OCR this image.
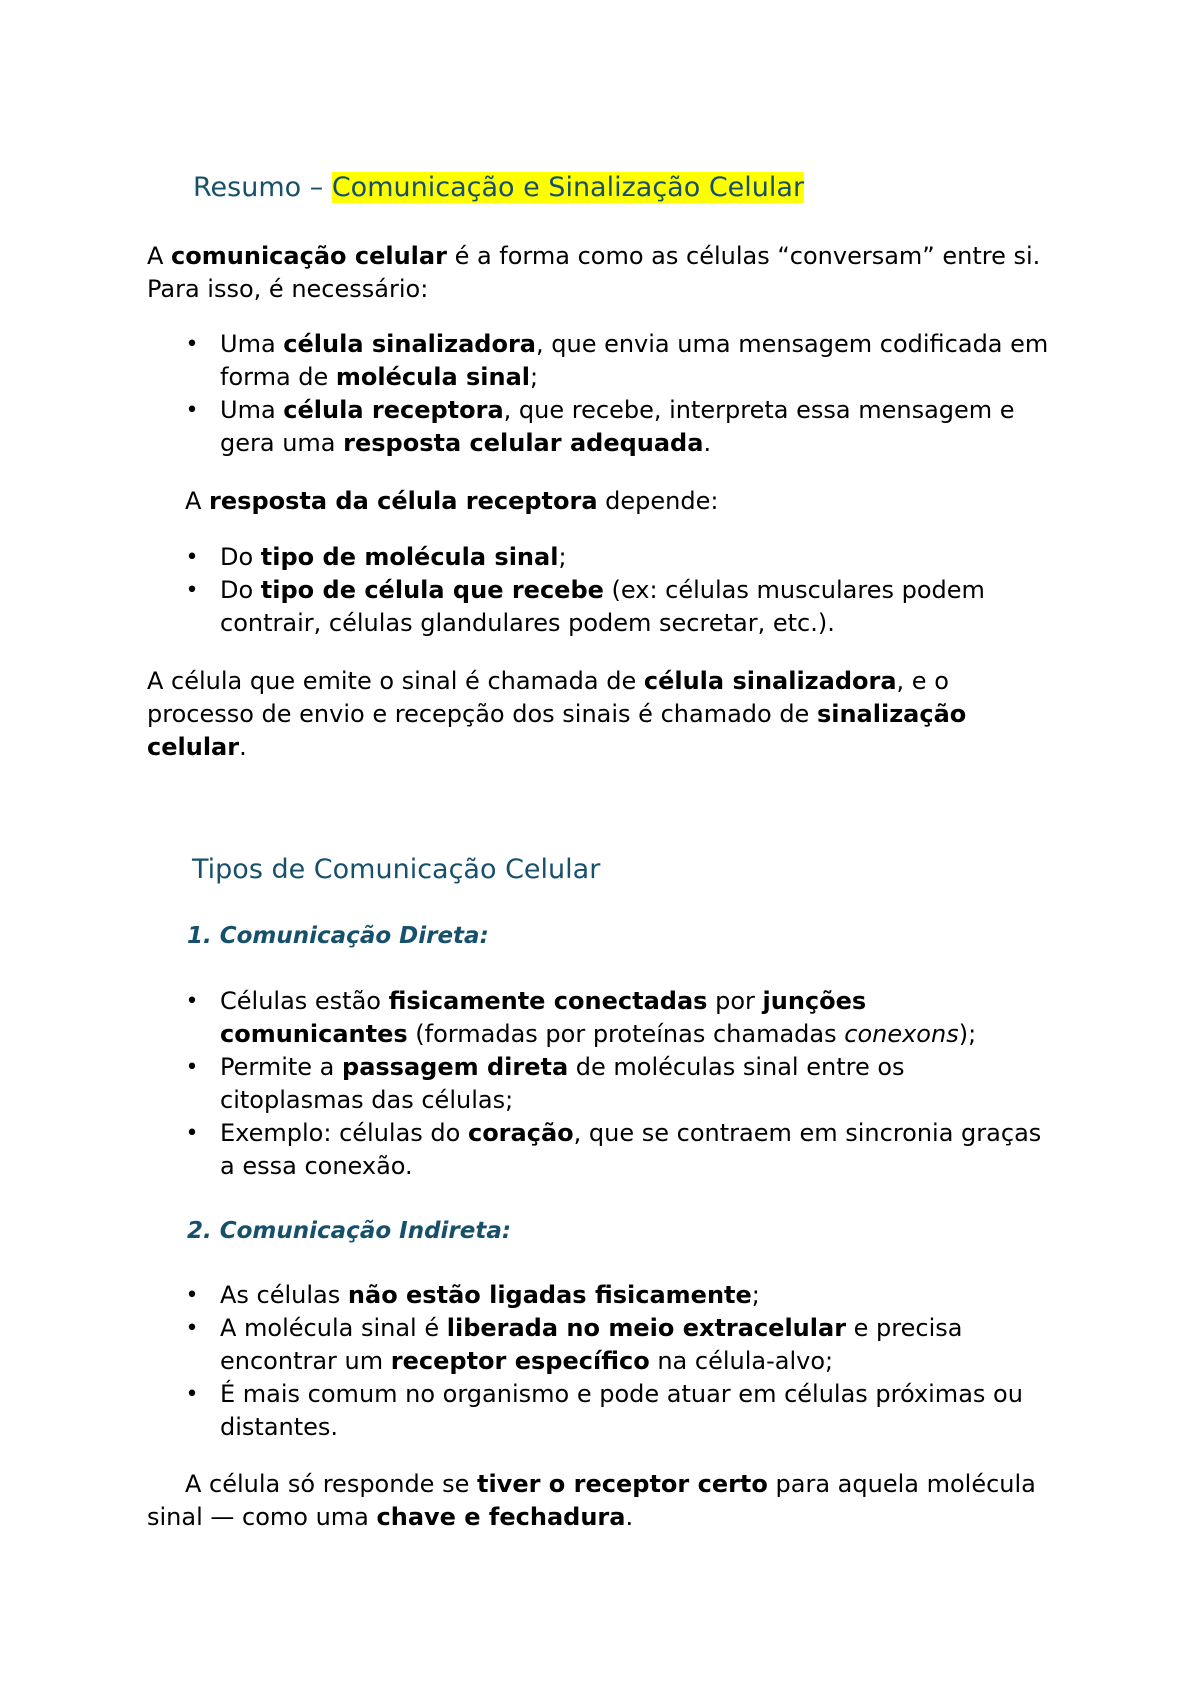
Resumo – Comunicação e Sinalização Celular
A comunicação celular é a forma como as células “conversam” entre si.
Para isso, é necessário:
• Uma célula sinalizadora, que envia uma mensagem codificada em
forma de molécula sinal;
• Uma célula receptora, que recebe, interpreta essa mensagem e
gera uma resposta celular adequada.
A resposta da célula receptora depende:
• Do tipo de molécula sinal;
• Do tipo de célula que recebe (ex: células musculares podem
contrair, células glandulares podem secretar, etc.).
A célula que emite o sinal é chamada de célula sinalizadora, e o
processo de envio e recepção dos sinais é chamado de sinalização
celular.
Tipos de Comunicação Celular
1. Comunicação Direta:
• Células estão fisicamente conectadas por junções
comunicantes (formadas por proteínas chamadas conexons);
• Permite a passagem direta de moléculas sinal entre os
citoplasmas das células;
• Exemplo: células do coração, que se contraem em sincronia graças
a essa conexão.
2. Comunicação Indireta:
• As células não estão ligadas fisicamente;
• A molécula sinal é liberada no meio extracelular e precisa
encontrar um receptor específico na célula-alvo;
• É mais comum no organismo e pode atuar em células próximas ou
distantes.
A célula só responde se tiver o receptor certo para aquela molécula
sinal — como uma chave e fechadura.
